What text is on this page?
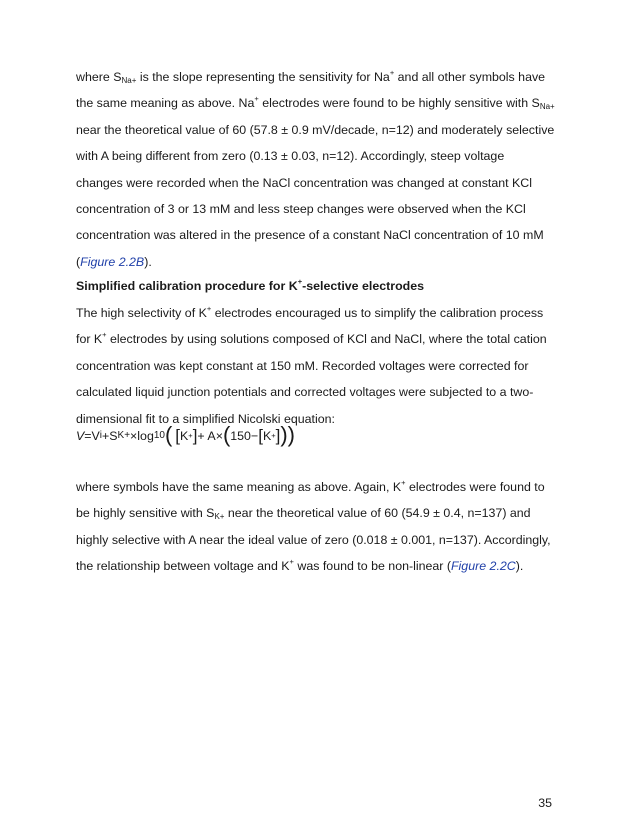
where $S_{Na+}$ is the slope representing the sensitivity for Na+ and all other symbols have
the same meaning as above. Na+ electrodes were found to be highly sensitive with $S_{Na+}$
near the theoretical value of 60 (57.8 ± 0.9 mV/decade, n=12) and moderately selective
with A being different from zero (0.13 ± 0.03, n=12). Accordingly, steep voltage
changes were recorded when the NaCl concentration was changed at constant KCl
concentration of 3 or 13 mM and less steep changes were observed when the KCl
concentration was altered in the presence of a constant NaCl concentration of 10 mM
(Figure 2.2B).
Simplified calibration procedure for K+-selective electrodes
The high selectivity of K+ electrodes encouraged us to simplify the calibration process
for K+ electrodes by using solutions composed of KCl and NaCl, where the total cation
concentration was kept constant at 150 mM. Recorded voltages were corrected for
calculated liquid junction potentials and corrected voltages were subjected to a two-
dimensional fit to a simplified Nicolski equation:
V = V i + S K+ × log 10 ( [ K + ] + A × ( 150 − [ K + ] ) )
where symbols have the same meaning as above. Again, K+ electrodes were found to
be highly sensitive with $S_{K+}$ near the theoretical value of 60 (54.9 ± 0.4, n=137) and
highly selective with A near the ideal value of zero (0.018 ± 0.001, n=137). Accordingly,
the relationship between voltage and K+ was found to be non-linear (Figure 2.2C).
35
